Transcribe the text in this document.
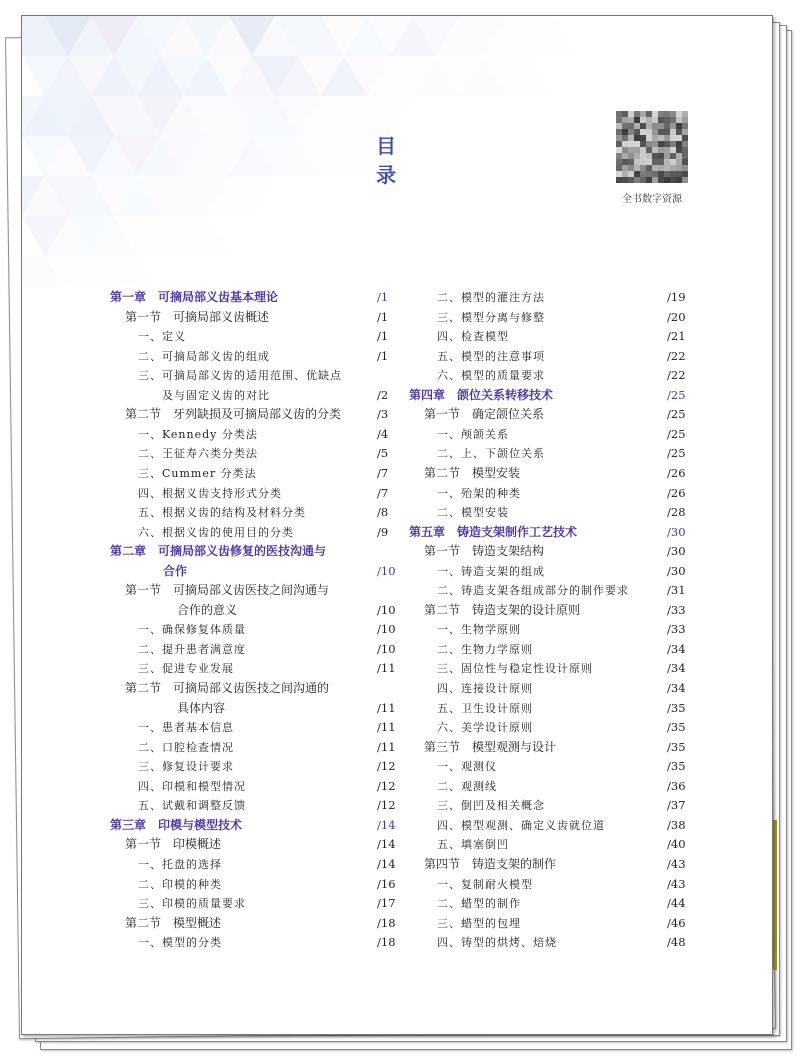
目 录
全书数字资源
第一章　可摘局部义齿基本理论	/1
第一节　可摘局部义齿概述	/1
一、定义	/1
二、可摘局部义齿的组成	/1
三、可摘局部义齿的适用范围、优缺点
及与固定义齿的对比	/2
第二节　牙列缺损及可摘局部义齿的分类	/3
一、Kennedy 分类法	/4
二、王征寿六类分类法	/5
三、Cummer 分类法	/7
四、根据义齿支持形式分类	/7
五、根据义齿的结构及材料分类	/8
六、根据义齿的使用目的分类	/9
第二章　可摘局部义齿修复的医技沟通与
合作	/10
第一节　可摘局部义齿医技之间沟通与
合作的意义	/10
一、确保修复体质量	/10
二、提升患者满意度	/10
三、促进专业发展	/11
第二节　可摘局部义齿医技之间沟通的
具体内容	/11
一、患者基本信息	/11
二、口腔检查情况	/11
三、修复设计要求	/12
四、印模和模型情况	/12
五、试戴和调整反馈	/12
第三章　印模与模型技术	/14
第一节　印模概述	/14
一、托盘的选择	/14
二、印模的种类	/16
三、印模的质量要求	/17
第二节　模型概述	/18
一、模型的分类	/18
二、模型的灌注方法	/19
三、模型分离与修整	/20
四、检查模型	/21
五、模型的注意事项	/22
六、模型的质量要求	/22
第四章　颌位关系转移技术	/25
第一节　确定颌位关系	/25
一、颅颌关系	/25
二、上、下颌位关系	/25
第二节　模型安装	/26
一、殆架的种类	/26
二、模型安装	/28
第五章　铸造支架制作工艺技术	/30
第一节　铸造支架结构	/30
一、铸造支架的组成	/30
二、铸造支架各组成部分的制作要求	/31
第二节　铸造支架的设计原则	/33
一、生物学原则	/33
二、生物力学原则	/34
三、固位性与稳定性设计原则	/34
四、连接设计原则	/34
五、卫生设计原则	/35
六、美学设计原则	/35
第三节　模型观测与设计	/35
一、观测仪	/35
二、观测线	/36
三、倒凹及相关概念	/37
四、模型观测、确定义齿就位道	/38
五、填塞倒凹	/40
第四节　铸造支架的制作	/43
一、复制耐火模型	/43
二、蜡型的制作	/44
三、蜡型的包埋	/46
四、铸型的烘烤、焙烧	/48
